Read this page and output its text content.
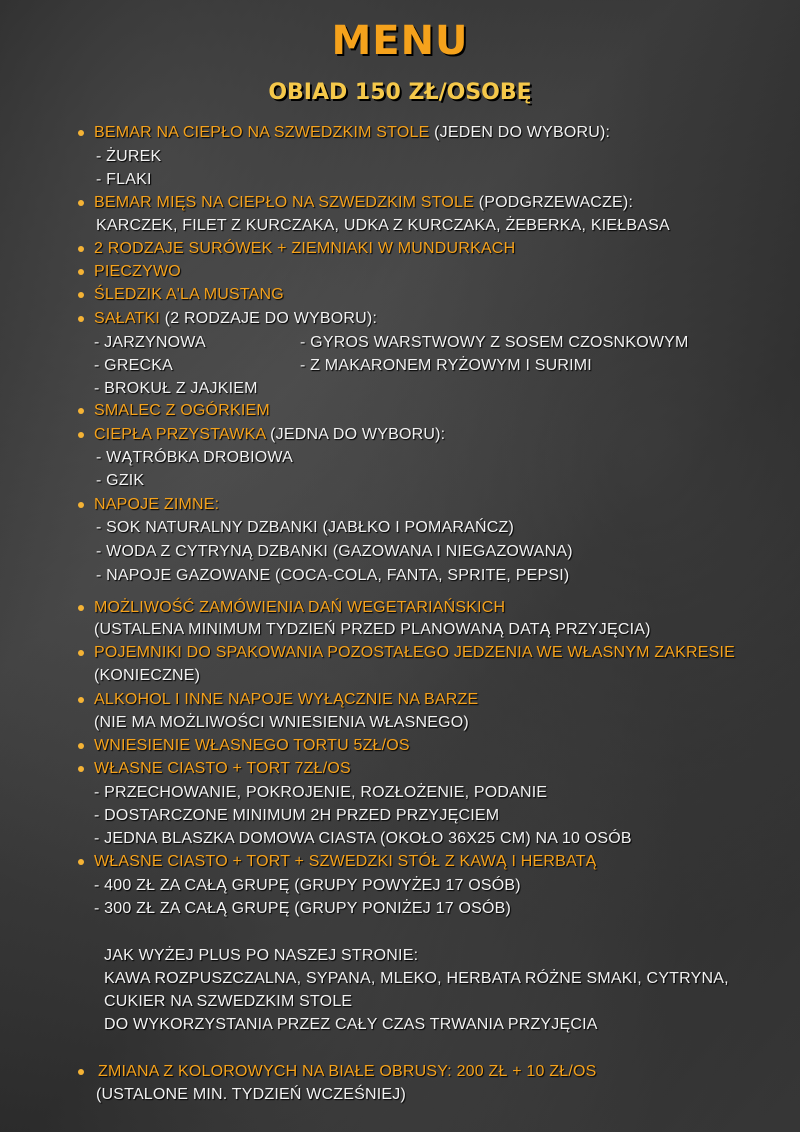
MENU
OBIAD 150 ZŁ/OSOBĘ
BEMAR NA CIEPŁO NA SZWEDZKIM STOLE (JEDEN DO WYBORU):
- ŻUREK
- FLAKI
BEMAR MIĘS NA CIEPŁO NA SZWEDZKIM STOLE (PODGRZEWACZE):
KARCZEK, FILET Z KURCZAKA, UDKA Z KURCZAKA, ŻEBERKA, KIEŁBASA
2 RODZAJE SURÓWEK + ZIEMNIAKI W MUNDURKACH
PIECZYWO
ŚLEDZIK A'LA MUSTANG
SAŁATKI (2 RODZAJE DO WYBORU):
- JARZYNOWA
- GRECKA
- BROKUŁ Z JAJKIEM
- GYROS WARSTWOWY Z SOSEM CZOSNKOWYM
- Z MAKARONEM RYŻOWYM I SURIMI
SMALEC Z OGÓRKIEM
CIEPŁA PRZYSTAWKA (JEDNA DO WYBORU):
- WĄTRÓBKA DROBIOWA
- GZIK
NAPOJE ZIMNE:
- SOK NATURALNY DZBANKI (JABŁKO I POMARAŃCZ)
- WODA Z CYTRYNĄ DZBANKI (GAZOWANA I NIEGAZOWANA)
- NAPOJE GAZOWANE (COCA-COLA, FANTA, SPRITE, PEPSI)
MOŻLIWOŚĆ ZAMÓWIENIA DAŃ WEGETARIAŃSKICH
(USTALENA MINIMUM TYDZIEŃ PRZED PLANOWANĄ DATĄ PRZYJĘCIA)
POJEMNIKI DO SPAKOWANIA POZOSTAŁEGO JEDZENIA WE WŁASNYM ZAKRESIE
(KONIECZNE)
ALKOHOL I INNE NAPOJE WYŁĄCZNIE NA BARZE
(NIE MA MOŻLIWOŚCI WNIESIENIA WŁASNEGO)
WNIESIENIE WŁASNEGO TORTU 5ZŁ/OS
WŁASNE CIASTO + TORT 7ZŁ/OS
- PRZECHOWANIE, POKROJENIE, ROZŁOŻENIE, PODANIE
- DOSTARCZONE MINIMUM 2H PRZED PRZYJĘCIEM
- JEDNA BLASZKA DOMOWA CIASTA (OKOŁO 36X25 CM) NA 10 OSÓB
WŁASNE CIASTO + TORT + SZWEDZKI STÓŁ Z KAWĄ I HERBATĄ
- 400 ZŁ ZA CAŁĄ GRUPĘ (GRUPY POWYŻEJ 17 OSÓB)
- 300 ZŁ ZA CAŁĄ GRUPĘ (GRUPY PONIŻEJ 17 OSÓB)
JAK WYŻEJ PLUS PO NASZEJ STRONIE:
KAWA ROZPUSZCZALNA, SYPANA, MLEKO, HERBATA RÓŻNE SMAKI, CYTRYNA,
CUKIER NA SZWEDZKIM STOLE
DO WYKORZYSTANIA PRZEZ CAŁY CZAS TRWANIA PRZYJĘCIA
ZMIANA Z KOLOROWYCH NA BIAŁE OBRUSY: 200 ZŁ + 10 ZŁ/OS
(USTALONE MIN. TYDZIEŃ WCZEŚNIEJ)
